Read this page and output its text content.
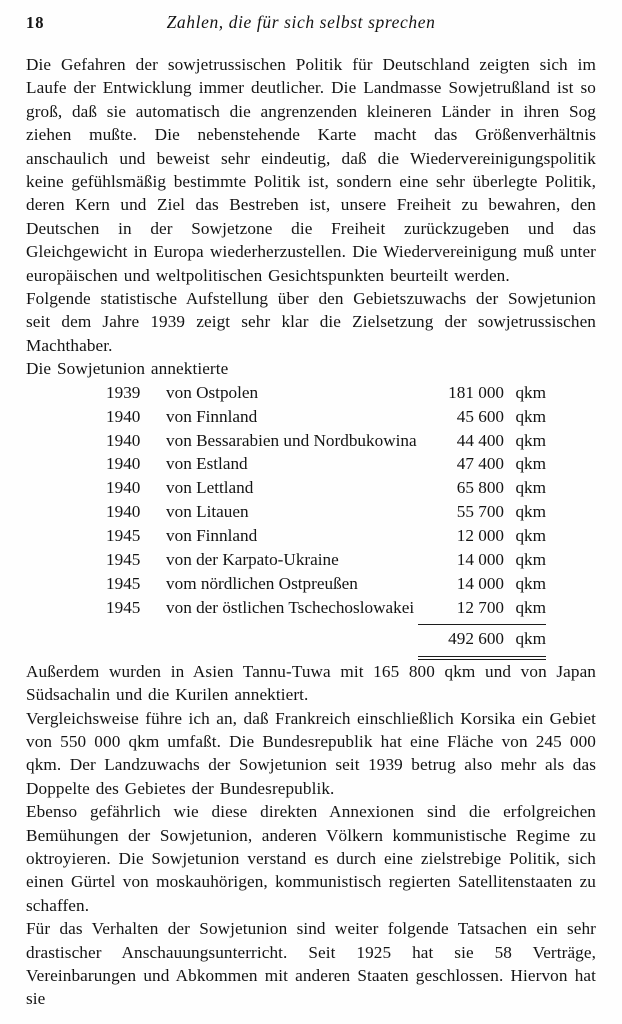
18	Zahlen, die für sich selbst sprechen

Die Gefahren der sowjetrussischen Politik für Deutschland zeigten sich im Laufe der Entwicklung immer deutlicher. Die Landmasse Sowjetrußland ist so groß, daß sie automatisch die angrenzenden kleineren Länder in ihren Sog ziehen mußte. Die nebenstehende Karte macht das Größenverhältnis anschaulich und beweist sehr eindeutig, daß die Wiedervereinigungspolitik keine gefühlsmäßig bestimmte Politik ist, sondern eine sehr überlegte Politik, deren Kern und Ziel das Bestreben ist, unsere Freiheit zu bewahren, den Deutschen in der Sowjetzone die Freiheit zurückzugeben und das Gleichgewicht in Europa wiederherzustellen. Die Wiedervereinigung muß unter europäischen und weltpolitischen Gesichtspunkten beurteilt werden.

Folgende statistische Aufstellung über den Gebietszuwachs der Sowjetunion seit dem Jahre 1939 zeigt sehr klar die Zielsetzung der sowjetrussischen Machthaber.

Die Sowjetunion annektierte

1939	von Ostpolen	181 000 qkm
1940	von Finnland	45 600 qkm
1940	von Bessarabien und Nordbukowina	44 400 qkm
1940	von Estland	47 400 qkm
1940	von Lettland	65 800 qkm
1940	von Litauen	55 700 qkm
1945	von Finnland	12 000 qkm
1945	von der Karpato-Ukraine	14 000 qkm
1945	vom nördlichen Ostpreußen	14 000 qkm
1945	von der östlichen Tschechoslowakei	12 700 qkm
492 600 qkm

Außerdem wurden in Asien Tannu-Tuwa mit 165 800 qkm und von Japan Südsachalin und die Kurilen annektiert.

Vergleichsweise führe ich an, daß Frankreich einschließlich Korsika ein Gebiet von 550 000 qkm umfaßt. Die Bundesrepublik hat eine Fläche von 245 000 qkm. Der Landzuwachs der Sowjetunion seit 1939 betrug also mehr als das Doppelte des Gebietes der Bundesrepublik.

Ebenso gefährlich wie diese direkten Annexionen sind die erfolgreichen Bemühungen der Sowjetunion, anderen Völkern kommunistische Regime zu oktroyieren. Die Sowjetunion verstand es durch eine zielstrebige Politik, sich einen Gürtel von moskauhörigen, kommunistisch regierten Satellitenstaaten zu schaffen.

Für das Verhalten der Sowjetunion sind weiter folgende Tatsachen ein sehr drastischer Anschauungsunterricht. Seit 1925 hat sie 58 Verträge, Vereinbarungen und Abkommen mit anderen Staaten geschlossen. Hiervon hat sie
